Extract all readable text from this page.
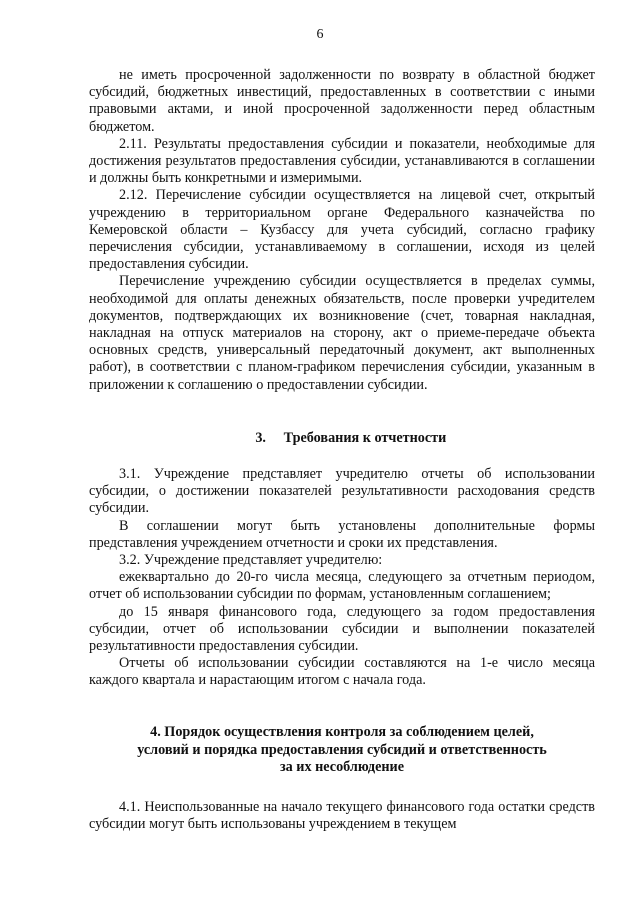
6

не иметь просроченной задолженности по возврату в областной бюджет субсидий, бюджетных инвестиций, предоставленных в соответствии с иными правовыми актами, и иной просроченной задолженности перед областным бюджетом.

2.11. Результаты предоставления субсидии и показатели, необходимые для достижения результатов предоставления субсидии, устанавливаются в соглашении и должны быть конкретными и измеримыми.

2.12. Перечисление субсидии осуществляется на лицевой счет, открытый учреждению в территориальном органе Федерального казначейства по Кемеровской области – Кузбассу для учета субсидий, согласно графику перечисления субсидии, устанавливаемому в соглашении, исходя из целей предоставления субсидии.

Перечисление учреждению субсидии осуществляется в пределах суммы, необходимой для оплаты денежных обязательств, после проверки учредителем документов, подтверждающих их возникновение (счет, товарная накладная, накладная на отпуск материалов на сторону, акт о приеме-передаче объекта основных средств, универсальный передаточный документ, акт выполненных работ), в соответствии с планом-графиком перечисления субсидии, указанным в приложении к соглашению о предоставлении субсидии.

3. Требования к отчетности

3.1. Учреждение представляет учредителю отчеты об использовании субсидии, о достижении показателей результативности расходования средств субсидии.

В соглашении могут быть установлены дополнительные формы представления учреждением отчетности и сроки их представления.

3.2. Учреждение представляет учредителю:

ежеквартально до 20-го числа месяца, следующего за отчетным периодом, отчет об использовании субсидии по формам, установленным соглашением;

до 15 января финансового года, следующего за годом предоставления субсидии, отчет об использовании субсидии и выполнении показателей результативности предоставления субсидии.

Отчеты об использовании субсидии составляются на 1-е число месяца каждого квартала и нарастающим итогом с начала года.

4. Порядок осуществления контроля за соблюдением целей,
условий и порядка предоставления субсидий и ответственность
за их несоблюдение

4.1. Неиспользованные на начало текущего финансового года остатки средств субсидии могут быть использованы учреждением в текущем
